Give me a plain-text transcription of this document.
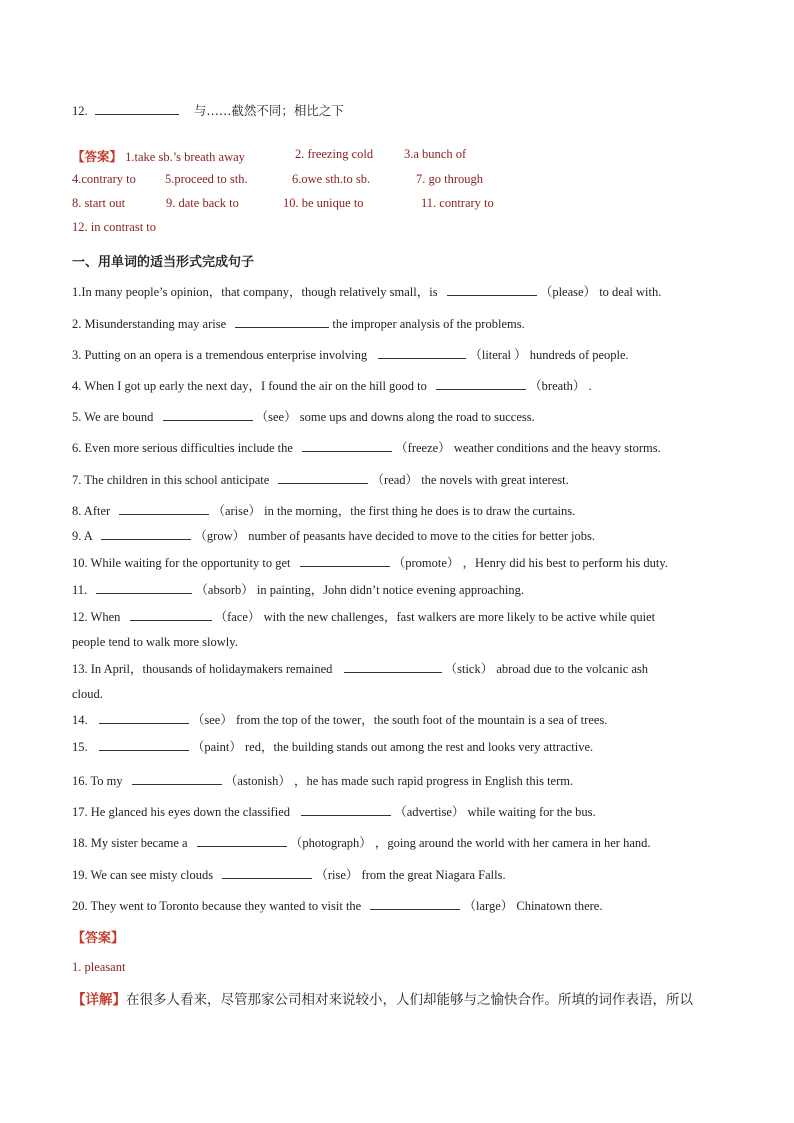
12.	与……截然不同；相比之下
【答案】 1.take sb.’s breath away	2. freezing cold 3.a bunch of
4.contrary to 5.proceed to sth.	6.owe sth.to sb.	7. go through
8. start out	9. date back to	10. be unique to	11. contrary to
12. in contrast to
一、用单词的适当形式完成句子
1.In many people’s opinion，that company，though relatively small，is	（please） to deal with.
2. Misunderstanding may arise	the improper analysis of the problems.
3. Putting on an opera is a tremendous enterprise involving	（literal ） hundreds of people.
4. When I got up early the next day，I found the air on the hill good to	（breath） .
5. We are bound	（see） some ups and downs along the road to success.
6. Even more serious difficulties include the	（freeze） weather conditions and the heavy storms.
7. The children in this school anticipate	（read） the novels with great interest.
8. After	（arise） in the morning，the first thing he does is to draw the curtains.
9. A	（grow） number of peasants have decided to move to the cities for better jobs.
10. While waiting for the opportunity to get	（promote） ，Henry did his best to perform his duty.
11.	（absorb） in painting，John didn’t notice evening approaching.
12. When	（face） with the new challenges，fast walkers are more likely to be active while quiet
people tend to walk more slowly.
13. In April，thousands of holidaymakers remained	（stick） abroad due to the volcanic ash
cloud.
14.	（see） from the top of the tower，the south foot of the mountain is a sea of trees.
15.	（paint） red，the building stands out among the rest and looks very attractive.
16. To my	（astonish） ，he has made such rapid progress in English this term.
17. He glanced his eyes down the classified	（advertise） while waiting for the bus.
18. My sister became a	（photograph） ，going around the world with her camera in her hand.
19. We can see misty clouds	（rise） from the great Niagara Falls.
20. They went to Toronto because they wanted to visit the	（large） Chinatown there.
【答案】
1. pleasant
【详解】在很多人看来，尽管那家公司相对来说较小，人们却能够与之愉快合作。所填的词作表语，所以
